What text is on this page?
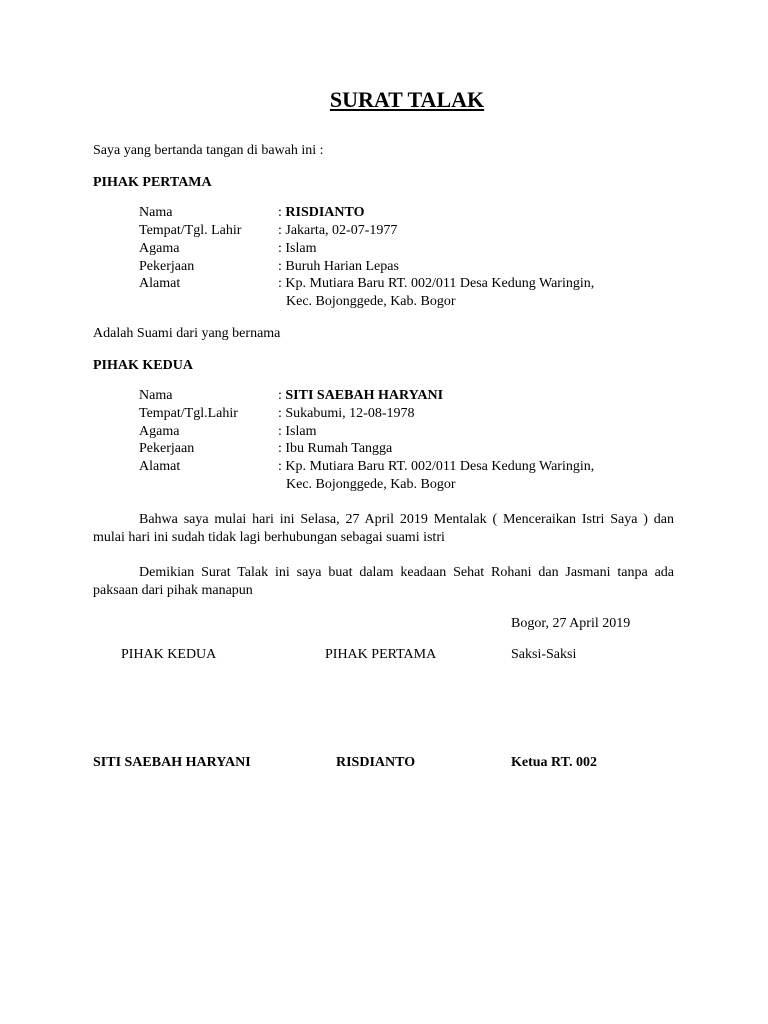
SURAT TALAK
Saya yang bertanda tangan di bawah ini :
PIHAK PERTAMA
Nama	: RISDIANTO
Tempat/Tgl. Lahir	: Jakarta, 02-07-1977
Agama	: Islam
Pekerjaan	: Buruh Harian Lepas
Alamat	: Kp. Mutiara Baru RT. 002/011 Desa Kedung Waringin,
Kec. Bojonggede, Kab. Bogor
Adalah Suami dari yang bernama
PIHAK KEDUA
Nama	: SITI SAEBAH HARYANI
Tempat/Tgl.Lahir	: Sukabumi, 12-08-1978
Agama	: Islam
Pekerjaan	: Ibu Rumah Tangga
Alamat	: Kp. Mutiara Baru RT. 002/011 Desa Kedung Waringin,
Kec. Bojonggede, Kab. Bogor
Bahwa saya mulai hari ini Selasa, 27 April 2019 Mentalak ( Menceraikan Istri Saya ) dan mulai hari ini sudah tidak lagi berhubungan sebagai suami istri
Demikian Surat Talak ini saya buat dalam keadaan Sehat Rohani dan Jasmani tanpa ada paksaan dari pihak manapun
Bogor, 27 April 2019
PIHAK KEDUA	PIHAK PERTAMA	Saksi-Saksi
SITI SAEBAH HARYANI	RISDIANTO	Ketua RT. 002
